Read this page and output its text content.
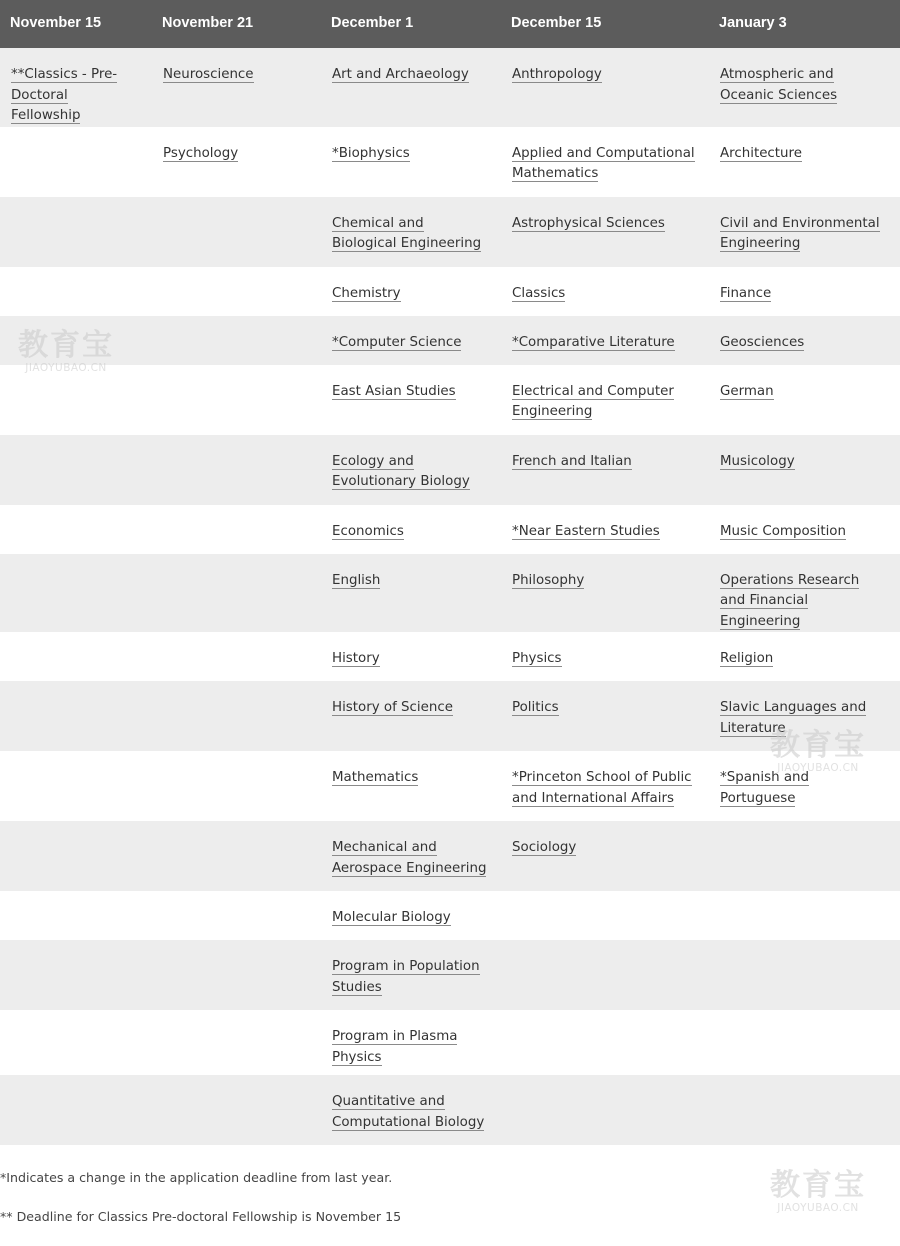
November 15	November 21	December 1	December 15	January 3
**Classics - Pre-Doctoral Fellowship	Neuroscience	Art and Archaeology	Anthropology	Atmospheric and Oceanic Sciences
	Psychology	*Biophysics	Applied and Computational Mathematics	Architecture
		Chemical and Biological Engineering	Astrophysical Sciences	Civil and Environmental Engineering
		Chemistry	Classics	Finance
		*Computer Science	*Comparative Literature	Geosciences
		East Asian Studies	Electrical and Computer Engineering	German
		Ecology and Evolutionary Biology	French and Italian	Musicology
		Economics	*Near Eastern Studies	Music Composition
		English	Philosophy	Operations Research and Financial Engineering
		History	Physics	Religion
		History of Science	Politics	Slavic Languages and Literature
		Mathematics	*Princeton School of Public and International Affairs	*Spanish and Portuguese
		Mechanical and Aerospace Engineering	Sociology	
		Molecular Biology		
		Program in Population Studies		
		Program in Plasma Physics		
		Quantitative and Computational Biology		

*Indicates a change in the application deadline from last year.

** Deadline for Classics Pre-doctoral Fellowship is November 15

教育宝
JIAOYUBAO.CN
教育宝
JIAOYUBAO.CN
教育宝
JIAOYUBAO.CN
